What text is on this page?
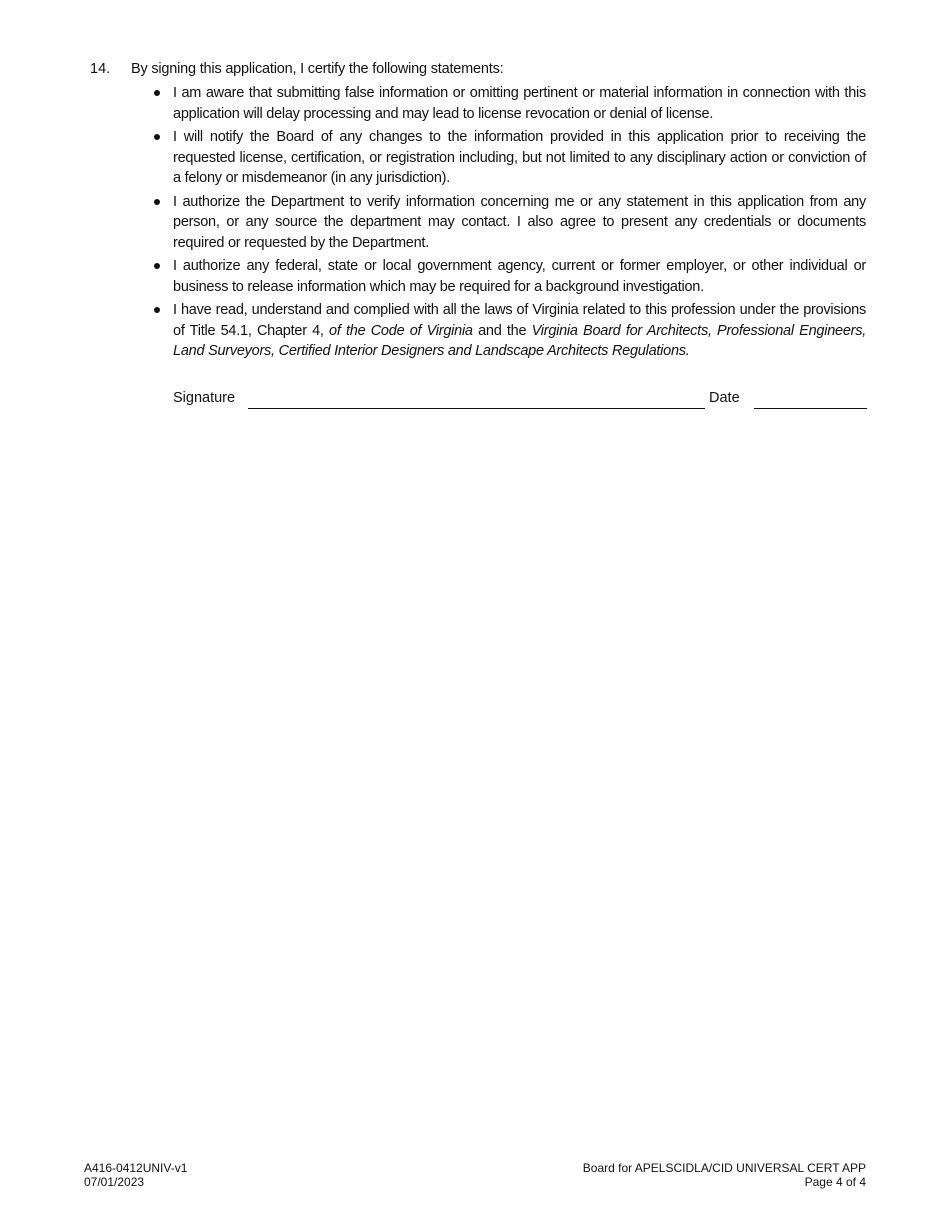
14. By signing this application, I certify the following statements:
I am aware that submitting false information or omitting pertinent or material information in connection with this application will delay processing and may lead to license revocation or denial of license.
I will notify the Board of any changes to the information provided in this application prior to receiving the requested license, certification, or registration including, but not limited to any disciplinary action or conviction of a felony or misdemeanor (in any jurisdiction).
I authorize the Department to verify information concerning me or any statement in this application from any person, or any source the department may contact. I also agree to present any credentials or documents required or requested by the Department.
I authorize any federal, state or local government agency, current or former employer, or other individual or business to release information which may be required for a background investigation.
I have read, understand and complied with all the laws of Virginia related to this profession under the provisions of Title 54.1, Chapter 4, of the Code of Virginia and the Virginia Board for Architects, Professional Engineers, Land Surveyors, Certified Interior Designers and Landscape Architects Regulations.
Signature	Date
A416-0412UNIV-v1
07/01/2023
Board for APELSCIDLA/CID UNIVERSAL CERT APP
Page 4 of 4
